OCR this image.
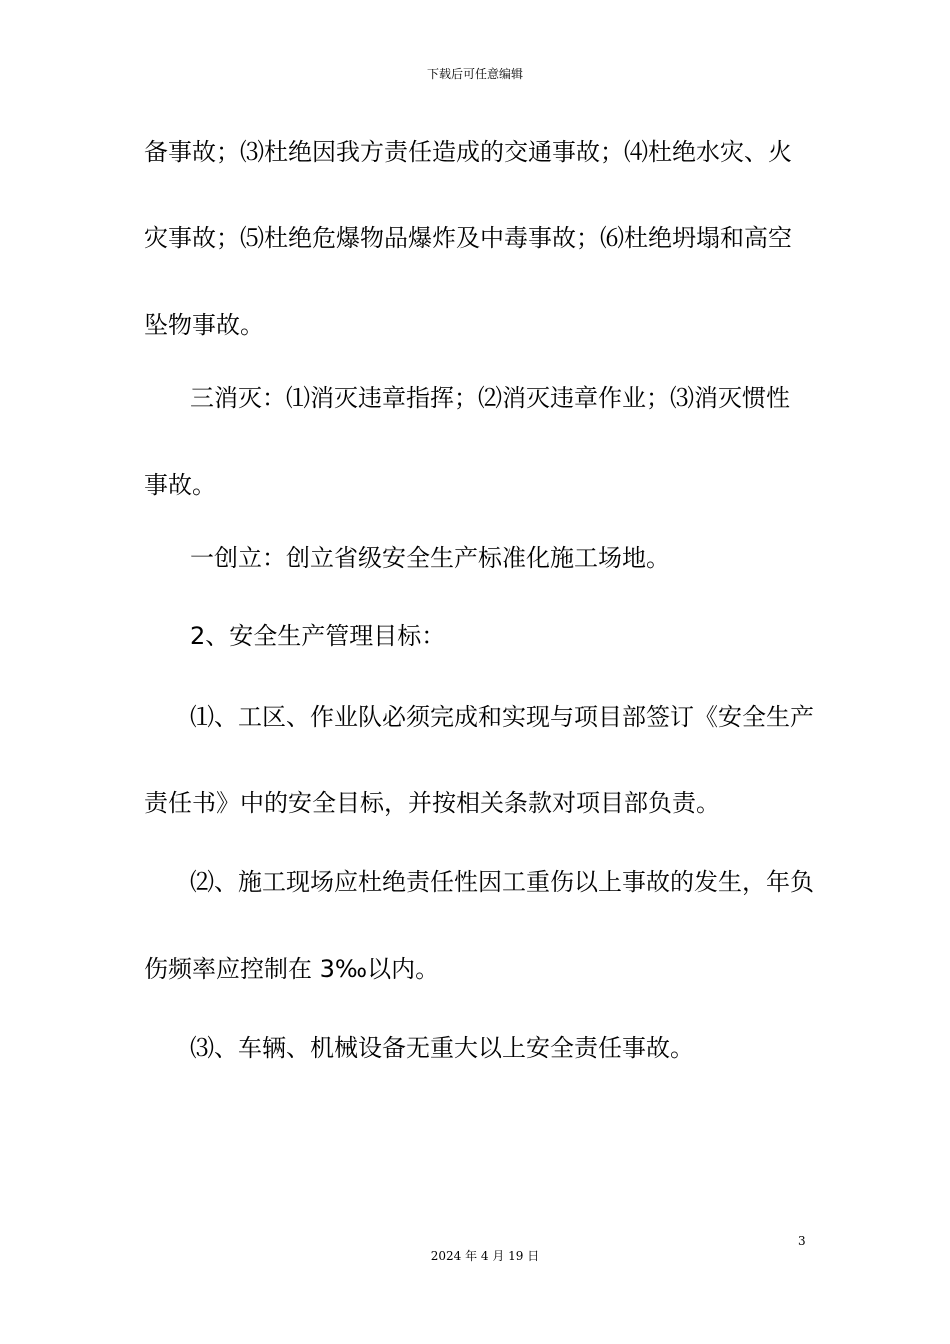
下载后可任意编辑
备事故；⑶杜绝因我方责任造成的交通事故；⑷杜绝水灾、火
灾事故；⑸杜绝危爆物品爆炸及中毒事故；⑹杜绝坍塌和高空
坠物事故。
三消灭：⑴消灭违章指挥；⑵消灭违章作业；⑶消灭惯性
事故。
一创立：创立省级安全生产标准化施工场地。
2、安全生产管理目标：
⑴、工区、作业队必须完成和实现与项目部签订《安全生产
责任书》中的安全目标，并按相关条款对项目部负责。
⑵、施工现场应杜绝责任性因工重伤以上事故的发生，年负
伤频率应控制在 3‰以内。
⑶、车辆、机械设备无重大以上安全责任事故。
3
2024 年 4 月 19 日
